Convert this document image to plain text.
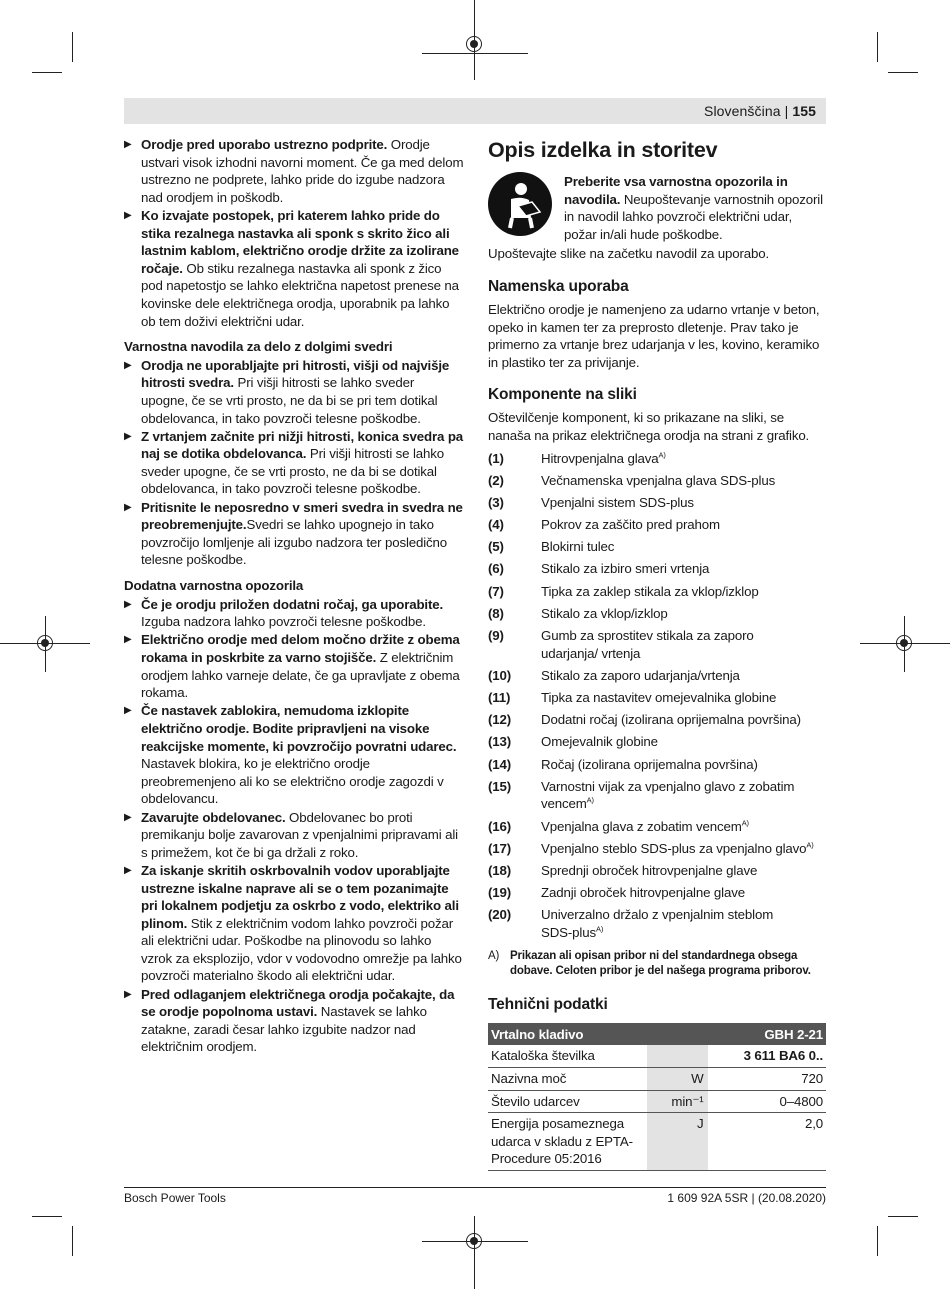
Slovenščina | 155
▶ Orodje pred uporabo ustrezno podprite. Orodje ustvari visok izhodni navorni moment. Če ga med delom ustrezno ne podprete, lahko pride do izgube nadzora nad orodjem in poškodb.
▶ Ko izvajate postopek, pri katerem lahko pride do stika rezalnega nastavka ali sponk s skrito žico ali lastnim kablom, električno orodje držite za izolirane ročaje. Ob stiku rezalnega nastavka ali sponk z žico pod napetostjo se lahko električna napetost prenese na kovinske dele električnega orodja, uporabnik pa lahko ob tem doživi električni udar.
Varnostna navodila za delo z dolgimi svedri
▶ Orodja ne uporabljajte pri hitrosti, višji od najvišje hitrosti svedra. Pri višji hitrosti se lahko sveder upogne, če se vrti prosto, ne da bi se pri tem dotikal obdelovanca, in tako povzroči telesne poškodbe.
▶ Z vrtanjem začnite pri nižji hitrosti, konica svedra pa naj se dotika obdelovanca. Pri višji hitrosti se lahko sveder upogne, če se vrti prosto, ne da bi se dotikal obdelovanca, in tako povzroči telesne poškodbe.
▶ Pritisnite le neposredno v smeri svedra in svedra ne preobremenjujte.Svedri se lahko upognejo in tako povzročijo lomljenje ali izgubo nadzora ter posledično telesne poškodbe.
Dodatna varnostna opozorila
▶ Če je orodju priložen dodatni ročaj, ga uporabite. Izguba nadzora lahko povzroči telesne poškodbe.
▶ Električno orodje med delom močno držite z obema rokama in poskrbite za varno stojišče. Z električnim orodjem lahko varneje delate, če ga upravljate z obema rokama.
▶ Če nastavek zablokira, nemudoma izklopite električno orodje. Bodite pripravljeni na visoke reakcijske momente, ki povzročijo povratni udarec. Nastavek blokira, ko je električno orodje preobremenjeno ali ko se električno orodje zagozdi v obdelovancu.
▶ Zavarujte obdelovanec. Obdelovanec bo proti premikanju bolje zavarovan z vpenjalnimi pripravami ali s primežem, kot če bi ga držali z roko.
▶ Za iskanje skritih oskrbovalnih vodov uporabljajte ustrezne iskalne naprave ali se o tem pozanimajte pri lokalnem podjetju za oskrbo z vodo, elektriko ali plinom. Stik z električnim vodom lahko povzroči požar ali električni udar. Poškodbe na plinovodu so lahko vzrok za eksplozijo, vdor v vodovodno omrežje pa lahko povzroči materialno škodo ali električni udar.
▶ Pred odlaganjem električnega orodja počakajte, da se orodje popolnoma ustavi. Nastavek se lahko zatakne, zaradi česar lahko izgubite nadzor nad električnim orodjem.
Opis izdelka in storitev
Preberite vsa varnostna opozorila in navodila. Neupoštevanje varnostnih opozoril in navodil lahko povzroči električni udar, požar in/ali hude poškodbe.

Upoštevajte slike na začetku navodil za uporabo.

Namenska uporaba

Električno orodje je namenjeno za udarno vrtanje v beton, opeko in kamen ter za preprosto dletenje. Prav tako je primerno za vrtanje brez udarjanja v les, kovino, keramiko in plastiko ter za privijanje.

Komponente na sliki

Oštevilčenje komponent, ki so prikazane na sliki, se nanaša na prikaz električnega orodja na strani z grafiko.

(1)	Hitrovpenjalna glava$^{A)}$
(2)	Večnamenska vpenjalna glava SDS-plus
(3)	Vpenjalni sistem SDS-plus
(4)	Pokrov za zaščito pred prahom
(5)	Blokirni tulec
(6)	Stikalo za izbiro smeri vrtenja
(7)	Tipka za zaklep stikala za vklop/izklop
(8)	Stikalo za vklop/izklop
(9)	Gumb za sprostitev stikala za zaporo udarjanja/ vrtenja
(10)	Stikalo za zaporo udarjanja/vrtenja
(11)	Tipka za nastavitev omejevalnika globine
(12)	Dodatni ročaj (izolirana oprijemalna površina)
(13)	Omejevalnik globine
(14)	Ročaj (izolirana oprijemalna površina)
(15)	Varnostni vijak za vpenjalno glavo z zobatim vencem$^{A)}$
(16)	Vpenjalna glava z zobatim vencem$^{A)}$
(17)	Vpenjalno steblo SDS-plus za vpenjalno glavo$^{A)}$
(18)	Sprednji obroček hitrovpenjalne glave
(19)	Zadnji obroček hitrovpenjalne glave
(20)	Univerzalno držalo z vpenjalnim steblom SDS-plus$^{A)}$
A) Prikazan ali opisan pribor ni del standardnega obsega dobave. Celoten pribor je del našega programa priborov.
Tehnični podatki
Vrtalno kladivo		GBH 2-21
Kataloška številka		3 611 BA6 0..
Nazivna moč	W	720
Število udarcev	min⁻¹	0–4800
Energija posameznega udarca v skladu z EPTA-Procedure 05:2016	J	2,0
Bosch Power Tools	1 609 92A 5SR | (20.08.2020)
